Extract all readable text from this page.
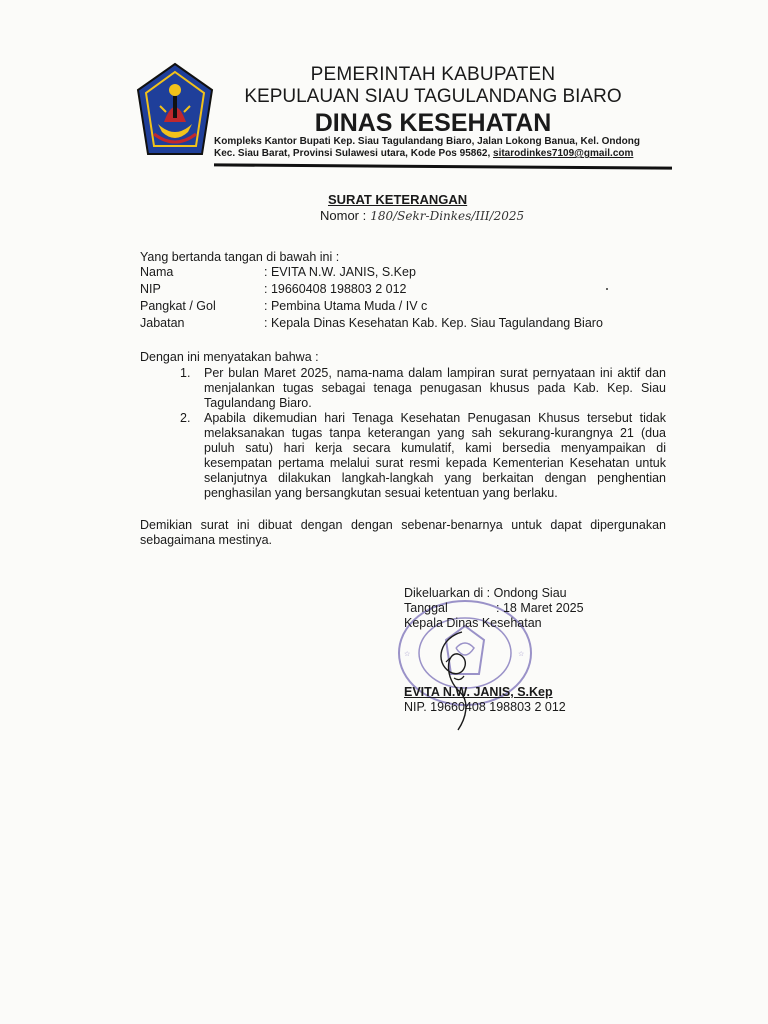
PEMERINTAH KABUPATEN
KEPULAUAN SIAU TAGULANDANG BIARO
DINAS KESEHATAN
Kompleks Kantor Bupati Kep. Siau Tagulandang Biaro, Jalan Lokong Banua, Kel. Ondong
Kec. Siau Barat, Provinsi Sulawesi utara, Kode Pos 95862, sitarodinkes7109@gmail.com
SURAT KETERANGAN
Nomor : 180/Sekr-Dinkes/III/2025
Yang bertanda tangan di bawah ini :
Nama	: EVITA N.W. JANIS, S.Kep
NIP	: 19660408 198803 2 012
Pangkat / Gol	: Pembina Utama Muda / IV c
Jabatan	: Kepala Dinas Kesehatan Kab. Kep. Siau Tagulandang Biaro
Dengan ini menyatakan bahwa :
1. Per bulan Maret 2025, nama-nama dalam lampiran surat pernyataan ini aktif dan menjalankan tugas sebagai tenaga penugasan khusus pada Kab. Kep. Siau Tagulandang Biaro.
2. Apabila dikemudian hari Tenaga Kesehatan Penugasan Khusus tersebut tidak melaksanakan tugas tanpa keterangan yang sah sekurang-kurangnya 21 (dua puluh satu) hari kerja secara kumulatif, kami bersedia menyampaikan di kesempatan pertama melalui surat resmi kepada Kementerian Kesehatan untuk selanjutnya dilakukan langkah-langkah yang berkaitan dengan penghentian penghasilan yang bersangkutan sesuai ketentuan yang berlaku.
Demikian surat ini dibuat dengan dengan sebenar-benarnya untuk dapat dipergunakan sebagaimana mestinya.
☆	☆
Dikeluarkan di : Ondong Siau
Tanggal	: 18 Maret 2025
Kepala Dinas Kesehatan
EVITA N.W. JANIS, S.Kep
NIP. 19660408 198803 2 012
